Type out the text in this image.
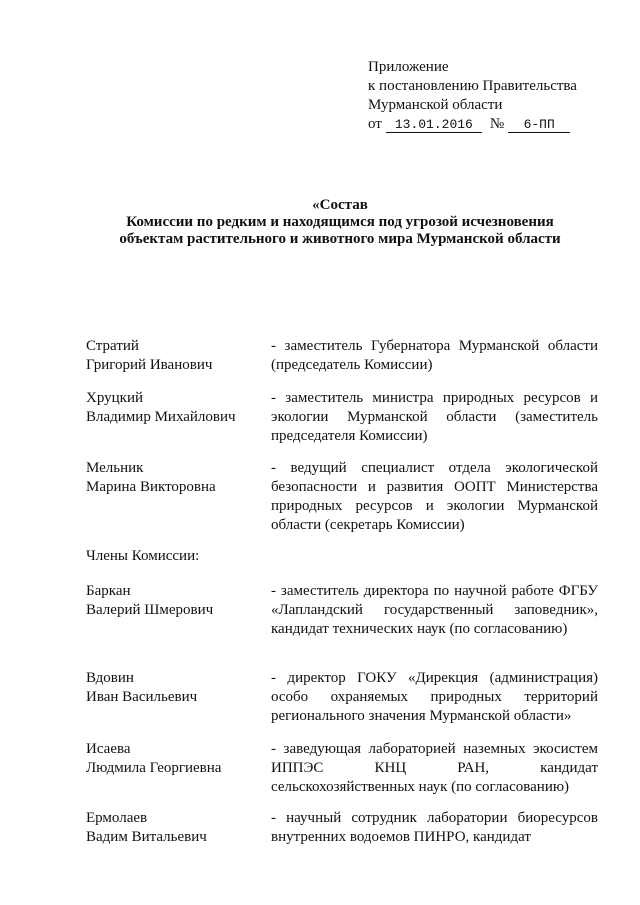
Приложение
к постановлению Правительства
Мурманской области
от 13.01.2016 № 6-ПП
«Состав
Комиссии по редким и находящимся под угрозой исчезновения
объектам растительного и животного мира Мурманской области
Стратий
Григорий Иванович
- заместитель Губернатора Мурманской области (председатель Комиссии)
Хруцкий
Владимир Михайлович
- заместитель министра природных ресурсов и экологии Мурманской области (заместитель председателя Комиссии)
Мельник
Марина Викторовна
- ведущий специалист отдела экологической безопасности и развития ООПТ Министерства природных ресурсов и экологии Мурманской области (секретарь Комиссии)
Члены Комиссии:
Баркан
Валерий Шмерович
- заместитель директора по научной работе ФГБУ «Лапландский государственный заповедник», кандидат технических наук (по согласованию)
Вдовин
Иван Васильевич
- директор ГОКУ «Дирекция (администрация) особо охраняемых природных территорий регионального значения Мурманской области»
Исаева
Людмила Георгиевна
- заведующая лабораторией наземных экосистем ИППЭС КНЦ РАН, кандидат сельскохозяйственных наук (по согласованию)
Ермолаев
Вадим Витальевич
- научный сотрудник лаборатории биоресурсов внутренних водоемов ПИНРО, кандидат
